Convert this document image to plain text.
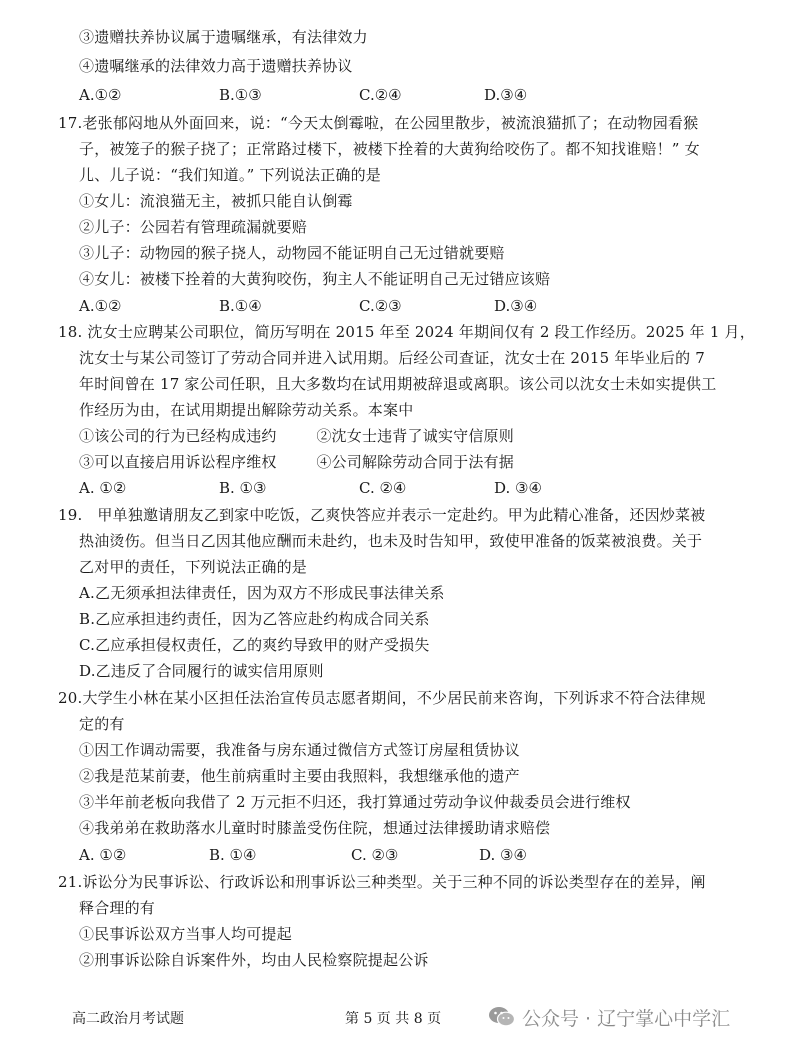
③遗赠扶养协议属于遗嘱继承，有法律效力
④遗嘱继承的法律效力高于遗赠扶养协议
A.①②	B.①③	C.②④	D.③④
17.老张郁闷地从外面回来，说：“今天太倒霉啦，在公园里散步，被流浪猫抓了；在动物园看猴
子，被笼子的猴子挠了；正常路过楼下，被楼下拴着的大黄狗给咬伤了。都不知找谁赔！” 女
儿、儿子说：“我们知道。” 下列说法正确的是
①女儿：流浪猫无主，被抓只能自认倒霉
②儿子：公园若有管理疏漏就要赔
③儿子：动物园的猴子挠人，动物园不能证明自己无过错就要赔
④女儿：被楼下拴着的大黄狗咬伤，狗主人不能证明自己无过错应该赔
A.①②	B.①④	C.②③	D.③④
18. 沈女士应聘某公司职位，简历写明在 2015 年至 2024 年期间仅有 2 段工作经历。2025 年 1 月，
沈女士与某公司签订了劳动合同并进入试用期。后经公司查证，沈女士在 2015 年毕业后的 7
年时间曾在 17 家公司任职，且大多数均在试用期被辞退或离职。该公司以沈女士未如实提供工
作经历为由，在试用期提出解除劳动关系。本案中
①该公司的行为已经构成违约        ②沈女士违背了诚实守信原则
③可以直接启用诉讼程序维权        ④公司解除劳动合同于法有据
A. ①②	B. ①③	C. ②④	D. ③④
19.   甲单独邀请朋友乙到家中吃饭，乙爽快答应并表示一定赴约。甲为此精心准备，还因炒菜被
热油烫伤。但当日乙因其他应酬而未赴约，也未及时告知甲，致使甲准备的饭菜被浪费。关于
乙对甲的责任，下列说法正确的是
A.乙无须承担法律责任，因为双方不形成民事法律关系
B.乙应承担违约责任，因为乙答应赴约构成合同关系
C.乙应承担侵权责任，乙的爽约导致甲的财产受损失
D.乙违反了合同履行的诚实信用原则
20.大学生小林在某小区担任法治宣传员志愿者期间，不少居民前来咨询，下列诉求不符合法律规
定的有
①因工作调动需要，我准备与房东通过微信方式签订房屋租赁协议
②我是范某前妻，他生前病重时主要由我照料，我想继承他的遗产
③半年前老板向我借了 2 万元拒不归还，我打算通过劳动争议仲裁委员会进行维权
④我弟弟在救助落水儿童时时膝盖受伤住院，想通过法律援助请求赔偿
A. ①②	B. ①④	C. ②③	D. ③④
21.诉讼分为民事诉讼、行政诉讼和刑事诉讼三种类型。关于三种不同的诉讼类型存在的差异，阐
释合理的有
①民事诉讼双方当事人均可提起
②刑事诉讼除自诉案件外，均由人民检察院提起公诉
高二政治月考试题	第 5 页 共 8 页	公众号 · 辽宁掌心中学汇
